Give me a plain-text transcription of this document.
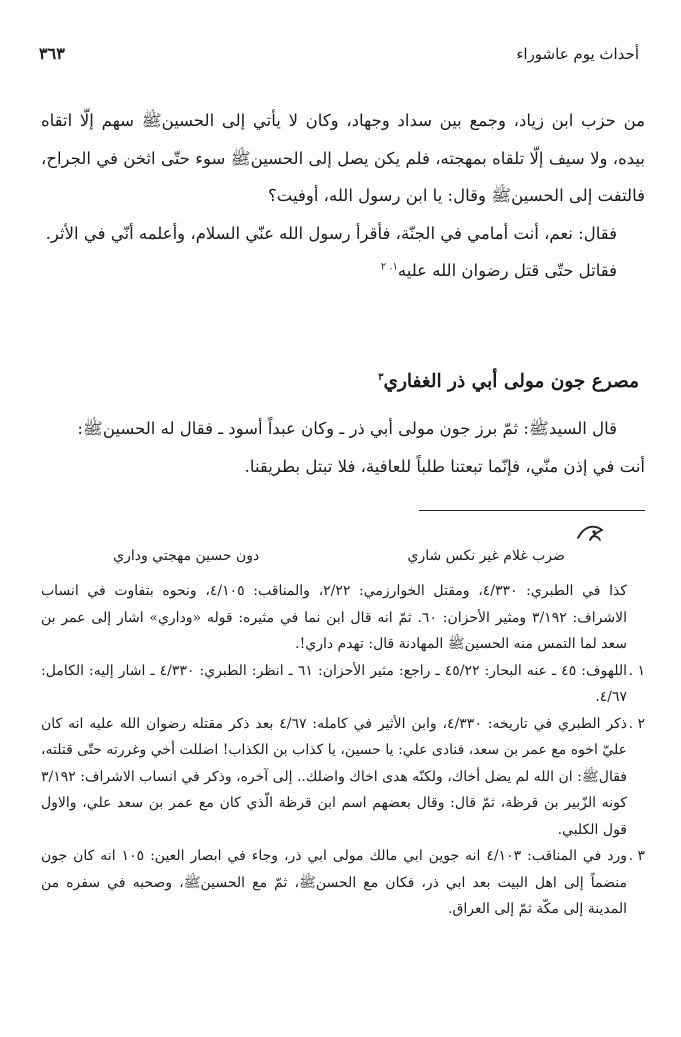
أحداث يوم عاشوراء
٣٦٣

من حزب ابن زياد، وجمع بين سداد وجهاد، وكان لا يأتي إلى الحسينﷺ سهم إلّا اتقاه بيده، ولا سيف إلّا تلقاه بمهجته، فلم يكن يصل إلى الحسينﷺ سوء حتّى اثخن في الجراح، فالتفت إلى الحسينﷺ وقال: يا ابن رسول الله، أوفيت؟

فقال: نعم، أنت أمامي في الجنّة، فأقرأ رسول الله عنّي السلام، وأعلمه أنّي في الأثر.

فقاتل حتّى قتل رضوان الله عليه$^{١. ٢}$

مصرع جون مولى أبي ذر الغفاري$^٣$

قال السيدﷺ: ثمّ برز جون مولى أبي ذر ـ وكان عبداً أسود ـ فقال له الحسينﷺ:

أنت في إذن منّي، فإنّما تبعتنا طلباً للعافية، فلا تبتل بطريقنا.

ضرب غلام غير نكس شاري
دون حسين مهجتي وداري
كذا في الطبري: ٤/٣٣٠، ومقتل الخوارزمي: ٢/٢٢، والمناقب: ٤/١٠٥، ونحوه بتفاوت في انساب الاشراف: ٣/١٩٢ ومثير الأحزان: ٦٠. ثمّ انه قال ابن نما في مثيره: قوله «وداري» اشار إلى عمر بن سعد لما التمس منه الحسينﷺ المهادنة قال: تهدم داري!.
١ .
اللهوف: ٤٥ ـ عنه البحار: ٤٥/٢٢ ـ راجع: مثير الأحزان: ٦١ ـ انظر: الطبري: ٤/٣٣٠ ـ اشار إليه: الكامل: ٤/٦٧.
٢ .
ذكر الطبري في تاريخه: ٤/٣٣٠، وابن الأثير في كامله: ٤/٦٧ بعد ذكر مقتله رضوان الله عليه انه كان عليّ اخوه مع عمر بن سعد، فنادى علي: يا حسين، يا كذاب بن الكذاب! اضللت أخي وغررته حتّى قتلته، فقالﷺ: ان الله لم يضل أخاك، ولكنّه هدى اخاك واضلك.. إلى آخره، وذكر في انساب الاشراف: ٣/١٩٢ كونه الزّبير بن قرظة، ثمّ قال: وقال بعضهم اسم ابن قرظة الّذي كان مع عمر بن سعد علي، والاول قول الكلبي.
٣ .
ورد في المناقب: ٤/١٠٣ انه جوين ابي مالك مولى ابي ذر، وجاء في ابصار العين: ١٠٥ انه كان جون منضماً إلى اهل البيت بعد ابي ذر، فكان مع الحسنﷺ، ثمّ مع الحسينﷺ، وصحبه في سفره من المدينة إلى مكّة ثمّ إلى العراق.
